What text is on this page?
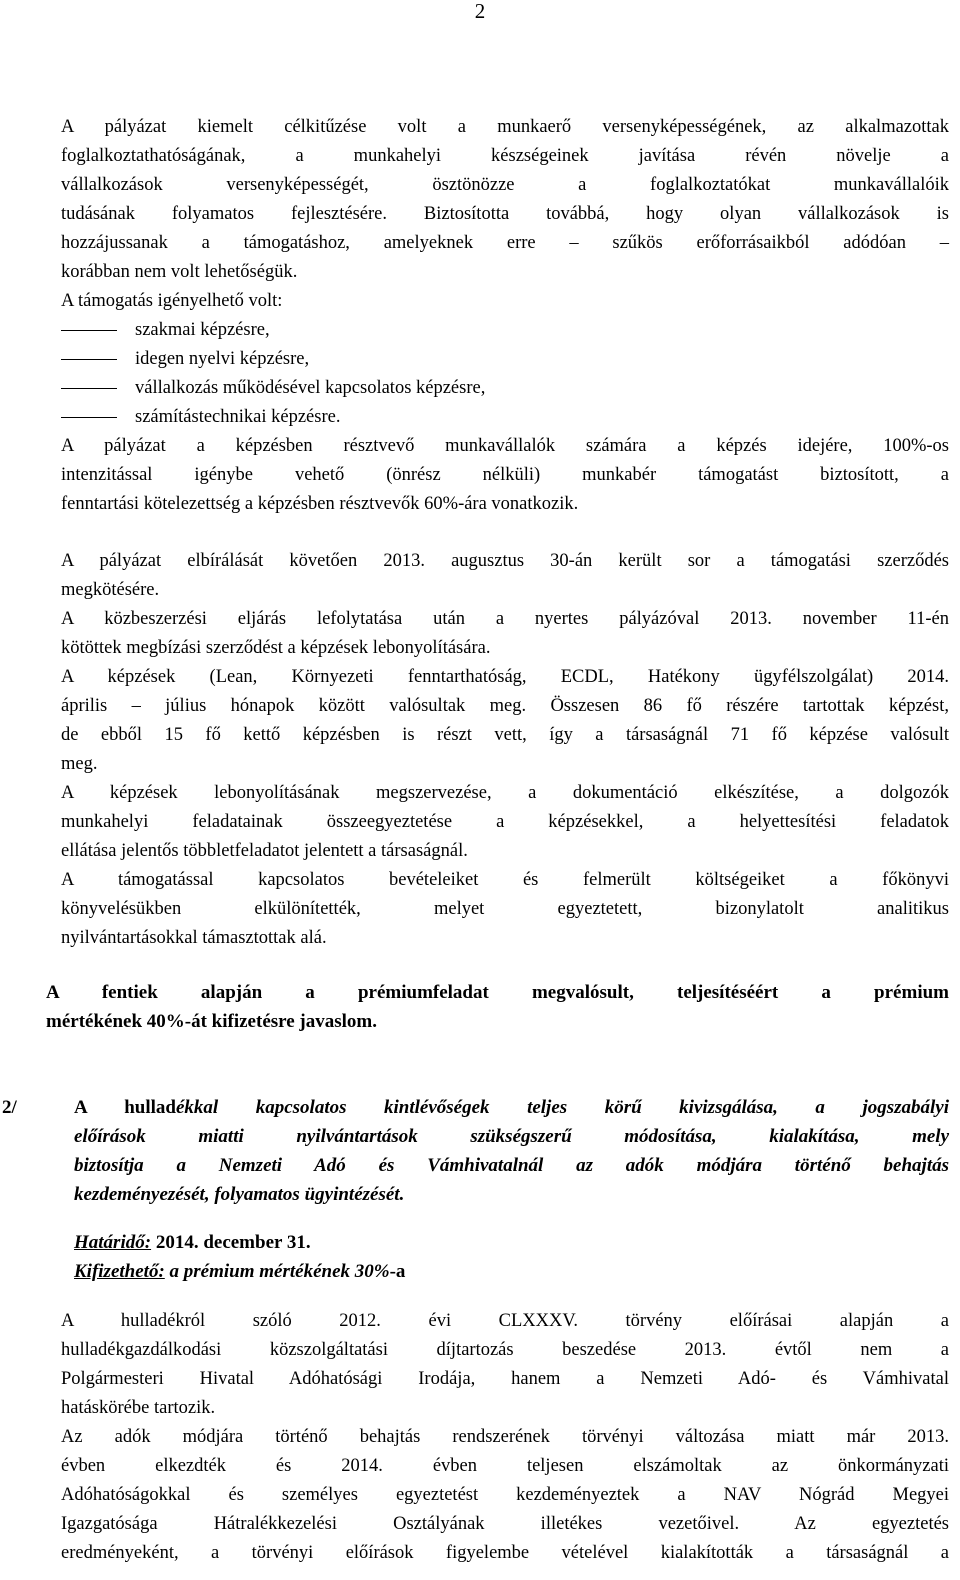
2

A pályázat kiemelt célkitűzése volt a munkaerő versenyképességének, az alkalmazottak

foglalkoztathatóságának, a munkahelyi készségeinek javítása révén növelje a

vállalkozások versenyképességét, ösztönözze a foglalkoztatókat munkavállalóik

tudásának folyamatos fejlesztésére. Biztosította továbbá, hogy olyan vállalkozások is

hozzájussanak a támogatáshoz, amelyeknek erre – szűkös erőforrásaikból adódóan –

korábban nem volt lehetőségük.

A támogatás igényelhető volt:

szakmai képzésre,
idegen nyelvi képzésre,
vállalkozás működésével kapcsolatos képzésre,
számítástechnikai képzésre.

A pályázat a képzésben résztvevő munkavállalók számára a képzés idejére, 100%-os

intenzitással igénybe vehető (önrész nélküli) munkabér támogatást biztosított, a

fenntartási kötelezettség a képzésben résztvevők 60%-ára vonatkozik.

A pályázat elbírálását követően 2013. augusztus 30-án került sor a támogatási szerződés

megkötésére.

A közbeszerzési eljárás lefolytatása után a nyertes pályázóval 2013. november 11-én

kötöttek megbízási szerződést a képzések lebonyolítására.

A képzések (Lean, Környezeti fenntarthatóság, ECDL, Hatékony ügyfélszolgálat) 2014.

április – július hónapok között valósultak meg. Összesen 86 fő részére tartottak képzést,

de ebből 15 fő kettő képzésben is részt vett, így a társaságnál 71 fő képzése valósult

meg.

A képzések lebonyolításának megszervezése, a dokumentáció elkészítése, a dolgozók

munkahelyi feladatainak összeegyeztetése a képzésekkel, a helyettesítési feladatok

ellátása jelentős többletfeladatot jelentett a társaságnál.

A támogatással kapcsolatos bevételeiket és felmerült költségeiket a főkönyvi

könyvelésükben elkülönítették, melyet egyeztetett, bizonylatolt analitikus

nyilvántartásokkal támasztottak alá.

A fentiek alapján a prémiumfeladat megvalósult, teljesítéséért a prémium

mértékének 40%-át kifizetésre javaslom.

2/	A hulladékkal kapcsolatos kintlévőségek teljes körű kivizsgálása, a jogszabályi

előírások miatti nyilvántartások szükségszerű módosítása, kialakítása, mely

biztosítja a Nemzeti Adó és Vámhivatalnál az adók módjára történő behajtás

kezdeményezését, folyamatos ügyintézését.

Határidő: 2014. december 31.

Kifizethető: a prémium mértékének 30%-a

A hulladékról szóló 2012. évi CLXXXV. törvény előírásai alapján a

hulladékgazdálkodási közszolgáltatási díjtartozás beszedése 2013. évtől nem a

Polgármesteri Hivatal Adóhatósági Irodája, hanem a Nemzeti Adó- és Vámhivatal

hatáskörébe tartozik.

Az adók módjára történő behajtás rendszerének törvényi változása miatt már 2013.

évben elkezdték és 2014. évben teljesen elszámoltak az önkormányzati

Adóhatóságokkal és személyes egyeztetést kezdeményeztek a NAV Nógrád Megyei

Igazgatósága Hátralékkezelési Osztályának illetékes vezetőivel. Az egyeztetés

eredményeként, a törvényi előírások figyelembe vételével kialakították a társaságnál a
